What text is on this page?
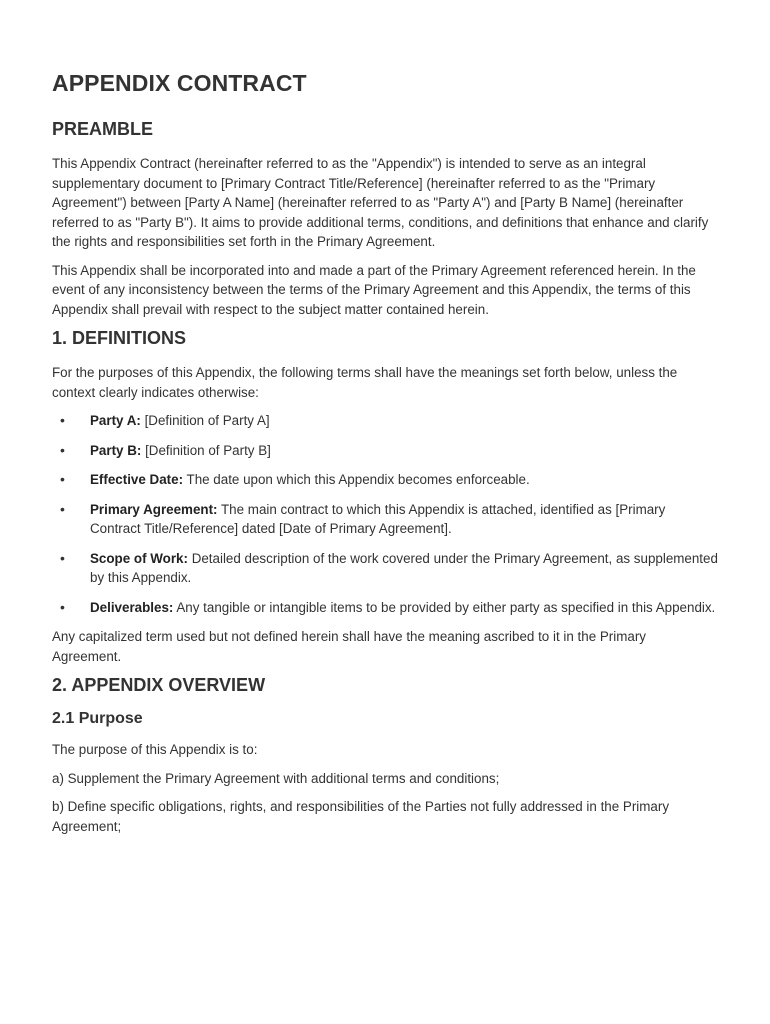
APPENDIX CONTRACT
PREAMBLE

This Appendix Contract (hereinafter referred to as the "Appendix") is intended to serve as an integral supplementary document to [Primary Contract Title/Reference] (hereinafter referred to as the "Primary Agreement") between [Party A Name] (hereinafter referred to as "Party A") and [Party B Name] (hereinafter referred to as "Party B"). It aims to provide additional terms, conditions, and definitions that enhance and clarify the rights and responsibilities set forth in the Primary Agreement.

This Appendix shall be incorporated into and made a part of the Primary Agreement referenced herein. In the event of any inconsistency between the terms of the Primary Agreement and this Appendix, the terms of this Appendix shall prevail with respect to the subject matter contained herein.

1. DEFINITIONS

For the purposes of this Appendix, the following terms shall have the meanings set forth below, unless the context clearly indicates otherwise:

• Party A: [Definition of Party A]
• Party B: [Definition of Party B]
• Effective Date: The date upon which this Appendix becomes enforceable.
• Primary Agreement: The main contract to which this Appendix is attached, identified as [Primary Contract Title/Reference] dated [Date of Primary Agreement].
• Scope of Work: Detailed description of the work covered under the Primary Agreement, as supplemented by this Appendix.
• Deliverables: Any tangible or intangible items to be provided by either party as specified in this Appendix.

Any capitalized term used but not defined herein shall have the meaning ascribed to it in the Primary Agreement.

2. APPENDIX OVERVIEW
2.1 Purpose

The purpose of this Appendix is to:

a) Supplement the Primary Agreement with additional terms and conditions;

b) Define specific obligations, rights, and responsibilities of the Parties not fully addressed in the Primary Agreement;
